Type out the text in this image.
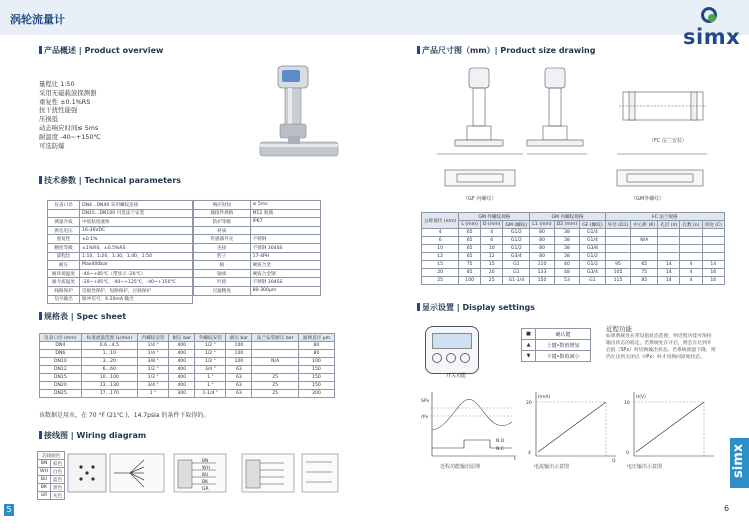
涡轮流量计
simx
产品概述 | Product overview
量程比 1:50
采用无磁载波探测器
重复性 ±0.1%RS
抗干扰性能强
压损低
动态响应时间≤ 5ms
耐温度 -40~+150℃
可选防爆
技术参数 | Technical parameters
仪表口径	DN4…DN40 采用螺纹连接
	DN15…DN100 可选法兰安装
测量介质	中低粘度液体
供电电压	16-36VDC
重复性	±0.1%
精度等级	±1%RS，±0.5%RS
量程比	1:10，1:20，1:30，1:40，1:50
耐压	Max400bar
耐环境温度	-40~+85℃（带显示 -20℃）
耐介质温度	-20~+85℃，-40~+125℃，-40~+150℃
线路保护	反极性保护，短路保护，过载保护
信号输出	脉冲信号，4-20mA 输出
响应时间	≤ 5ms
插接件规格	M12 航插
防护等级	IP67
材质	
传感器外壳	不锈钢
连接	不锈钢 304SS
腔子	17-4PH
轴	硬质合金
轴承	硬质合金钢
叶轮	不锈钢 304SS
过滤精度	80-300μm
规格表 | Spec sheet
仪表口径 (mm)	标准流量范围 (L/min)	内螺纹安装	耐压 bar	外螺纹安装	耐压 bar	法兰安装耐压 bar	滤网直径 μm
DN4	0.6…4.5	1/4 "	400	1/2 "	100		80
DN6	1…10	1/4 "	400	1/2 "	100		80
DN10	3…20	3/8 "	400	1/2 "	100	N/A	100
DN12	6…60	1/2 "	400	3/4 "	63		150
DN15	10…100	1/2 "	400	1 "	63	25	150
DN20	13…130	3/4 "	400	1 "	63	25	150
DN25	17…170	1 "	300	1-1/4 "	63	25	200
该数据是用水，在 70 °F (21℃ )，14.7psia 的条件下取得的。
接线图 | Wiring diagram
芯线颜色	
BN	棕色
WH	白色
BU	蓝色
BK	黑色
GR	灰色
BN
WH
BU
BK
GR
5
产品尺寸图（mm）| Product size drawing
（FC 法兰安装）
（GF 内螺纹）	（GM外螺纹）
公称通径 (mm)	GM 外螺纹规格			GM 内螺纹规格			FC 法兰规格				
	L (mm)	D (mm)	GM (螺纹)	L1 (mm)	D2 (mm)	GF (螺纹)	外径 (D1)	中心距 (K)	孔径 (d)	孔数 (n)	厚度 (C)
4	65	4	G1/2	80	38	G1/4					
6	65	6	G1/2	80	38	G1/4		N/A			
10	65	10	G1/2	80	38	G3/8					
12	65	12	G3/4	80	38	G1/2					
15	75	15	G1	110	40	G1/2	95	65	14	4	14
20	85	20	G1	133	48	G3/4	105	75	14	4	16
25	100	25	G1-1/4	150	53	G1	115	85	14	4	16
显示设置 | Display settings
开关功能
■	确认键
▲	上键•数值增加
▼	下键•数值减小
近程功能
如果系统处在常设值状态范围，则近程功能可保持输出状态的稳定。若系统处在开启，则会在达到开启值（SPx）时切换输出状态。若系统流量下降，则仍在达到关闭点（rPx）时才切换回原始状态。
SPx
rPx
N.O
N.C
t
I(mA)
20
4
Q
U(V)
10
0
近程功能输出原理	电流输出示意图	电压输出示意图	simx
6
